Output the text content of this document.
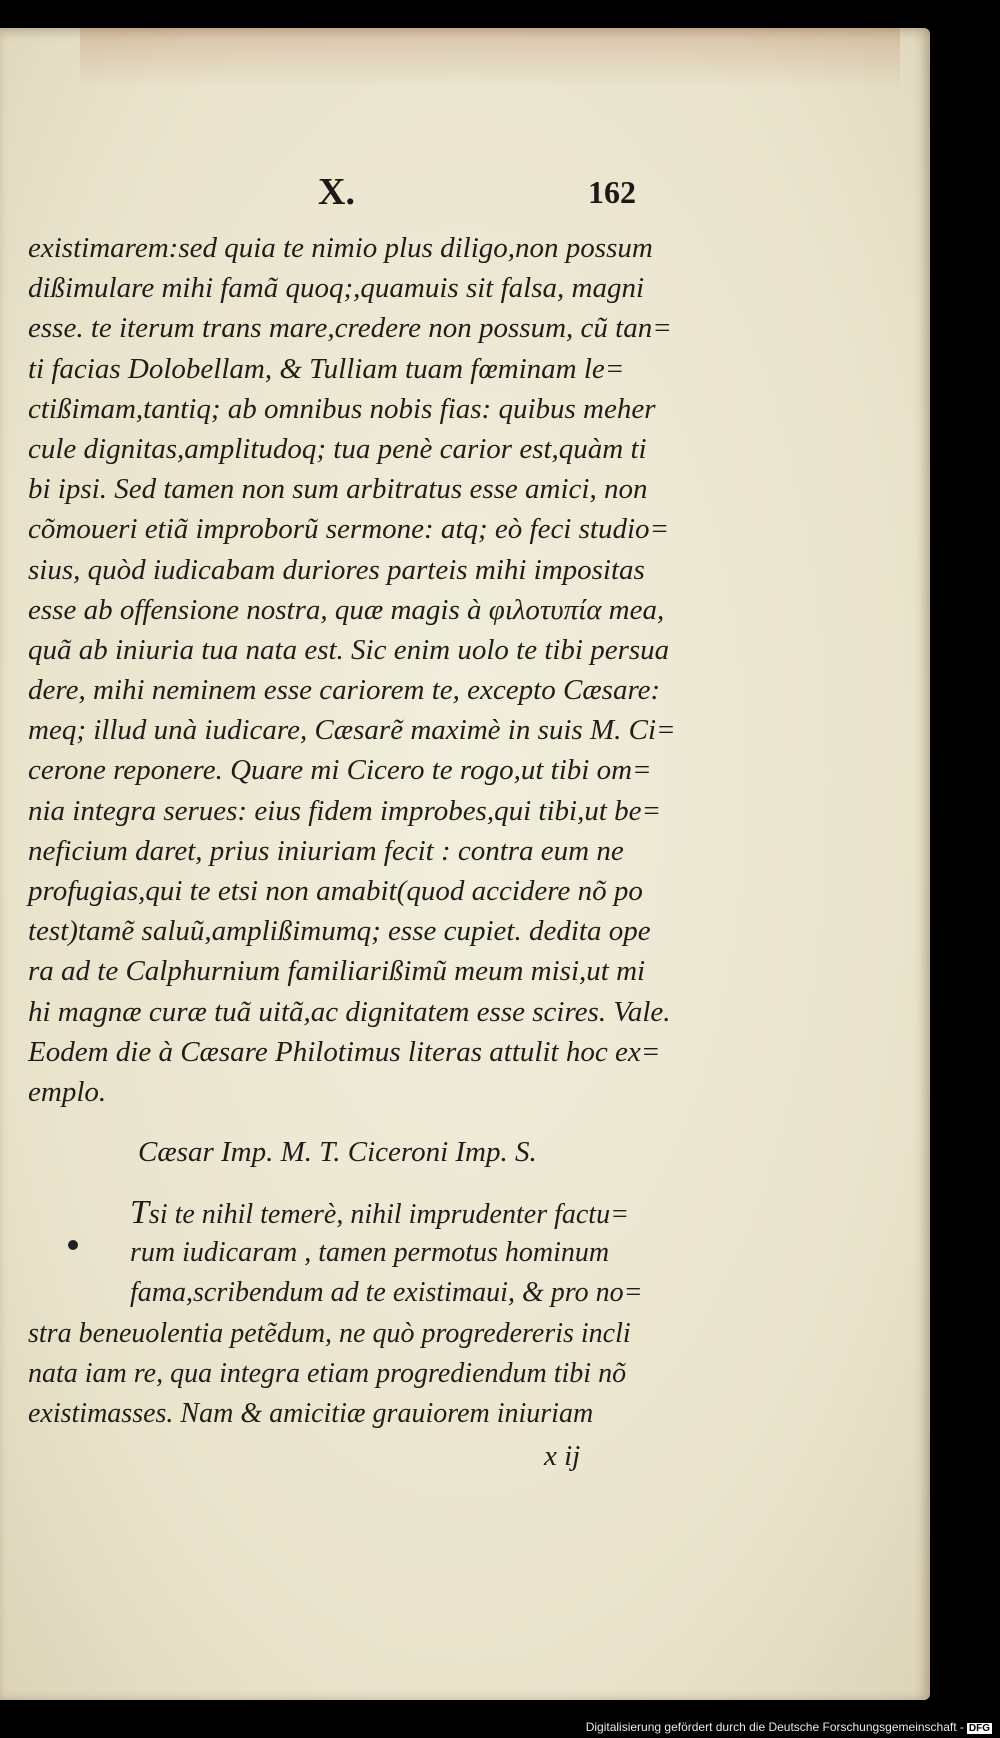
X.	162
existimarem:sed quia te nimio plus diligo,non possum
dißimulare mihi famã quoq;,quamuis sit falsa, magni
esse. te iterum trans mare,credere non possum, cũ tan=
ti facias Dolobellam, & Tulliam tuam fœminam le=
ctißimam,tantiq; ab omnibus nobis fias: quibus meher
cule dignitas,amplitudoq; tua penè carior est,quàm ti
bi ipsi. Sed tamen non sum arbitratus esse amici, non
cõmoueri etiã improborũ sermone: atq; eò feci studio=
sius, quòd iudicabam duriores parteis mihi impositas
esse ab offensione nostra, quæ magis à φιλοτυπία mea,
quã ab iniuria tua nata est. Sic enim uolo te tibi persua
dere, mihi neminem esse cariorem te, excepto Cæsare:
meq; illud unà iudicare, Cæsarẽ maximè in suis M. Ci=
cerone reponere. Quare mi Cicero te rogo,ut tibi om=
nia integra serues: eius fidem improbes,qui tibi,ut be=
neficium daret, prius iniuriam fecit : contra eum ne
profugias,qui te etsi non amabit(quod accidere nõ po
test)tamẽ saluũ,amplißimumq; esse cupiet. dedita ope
ra ad te Calphurnium familiarißimũ meum misi,ut mi
hi magnæ curæ tuã uitã,ac dignitatem esse scires. Vale.
Eodem die à Cæsare Philotimus literas attulit hoc ex=
emplo.
Cæsar Imp. M. T. Ciceroni Imp. S.
Tsi te nihil temerè, nihil imprudenter factu=
rum iudicaram , tamen permotus hominum
fama,scribendum ad te existimaui, & pro no=
stra beneuolentia petẽdum, ne quò progredereris incli
nata iam re, qua integra etiam progrediendum tibi nõ
existimasses. Nam & amicitiæ grauiorem iniuriam
x ij
Digitalisierung gefördert durch die Deutsche Forschungsgemeinschaft - DFG
